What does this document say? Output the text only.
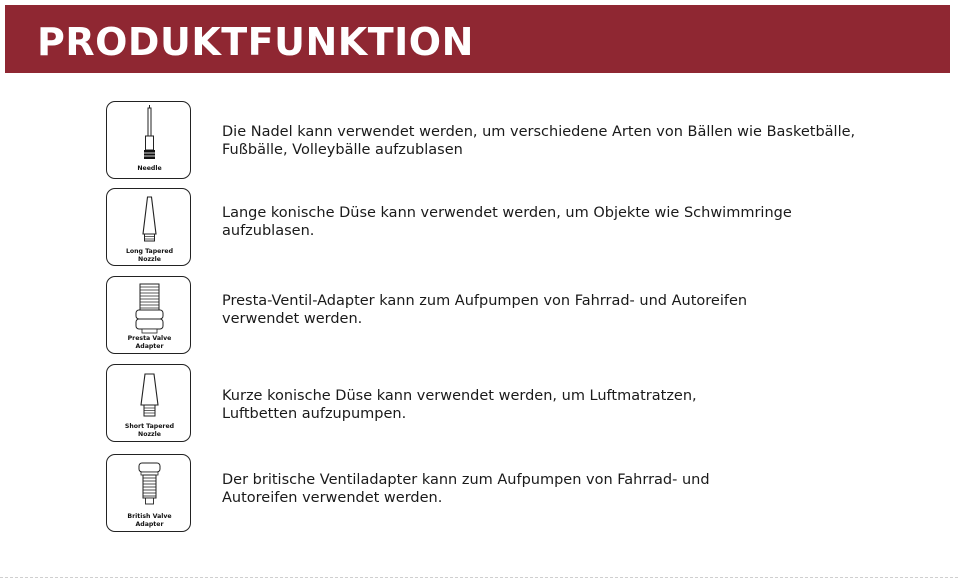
PRODUKTFUNKTION
Needle
Die Nadel kann verwendet werden, um verschiedene Arten von Bällen wie Basketbälle,
Fußbälle, Volleybälle aufzublasen
Long Tapered
Nozzle
Lange konische Düse kann verwendet werden, um Objekte wie Schwimmringe
aufzublasen.
Presta Valve
Adapter
Presta-Ventil-Adapter kann zum Aufpumpen von Fahrrad- und Autoreifen
verwendet werden.
Short Tapered
Nozzle
Kurze konische Düse kann verwendet werden, um Luftmatratzen,
Luftbetten aufzupumpen.
British Valve
Adapter
Der britische Ventiladapter kann zum Aufpumpen von Fahrrad- und
Autoreifen verwendet werden.
